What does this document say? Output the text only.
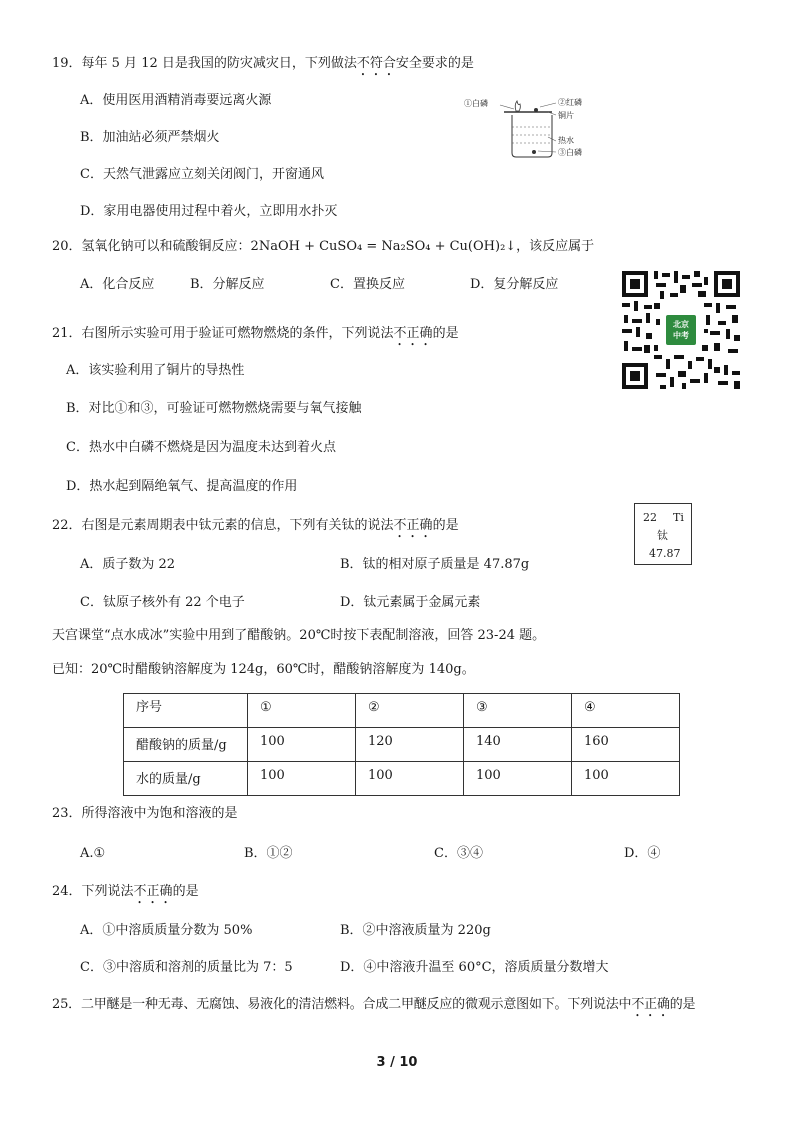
19．每年 5 月 12 日是我国的防灾减灾日，下列做法不符合安全要求的是
A．使用医用酒精消毒要远离火源
B．加油站必须严禁烟火
C．天然气泄露应立刻关闭阀门，开窗通风
D．家用电器使用过程中着火，立即用水扑灭
①白磷	②红磷
铜片
热水
③白磷
20．氢氧化钠可以和硫酸铜反应：2NaOH + CuSO₄ = Na₂SO₄ + Cu(OH)₂↓，该反应属于
A．化合反应	B．分解反应	C．置换反应	D．复分解反应
北京
中考
21．右图所示实验可用于验证可燃物燃烧的条件，下列说法不正确的是
A．该实验利用了铜片的导热性
B．对比①和③，可验证可燃物燃烧需要与氧气接触
C．热水中白磷不燃烧是因为温度未达到着火点
D．热水起到隔绝氧气、提高温度的作用
22．右图是元素周期表中钛元素的信息，下列有关钛的说法不正确的是
A．质子数为 22	B．钛的相对原子质量是 47.87g
C．钛原子核外有 22 个电子	D．钛元素属于金属元素
22 Ti
钛
47.87
天宫课堂“点水成冰”实验中用到了醋酸钠。20℃时按下表配制溶液，回答 23-24 题。
已知：20℃时醋酸钠溶解度为 124g，60℃时，醋酸钠溶解度为 140g。
序号	①	②	③	④
醋酸钠的质量/g	100	120	140	160
水的质量/g	100	100	100	100
23．所得溶液中为饱和溶液的是
A.①	B．①②	C．③④	D．④
24．下列说法不正确的是
A．①中溶质质量分数为 50%	B．②中溶液质量为 220g
C．③中溶质和溶剂的质量比为 7：5	D．④中溶液升温至 60°C，溶质质量分数增大
25．二甲醚是一种无毒、无腐蚀、易液化的清洁燃料。合成二甲醚反应的微观示意图如下。下列说法中不正确的是
3 / 10
